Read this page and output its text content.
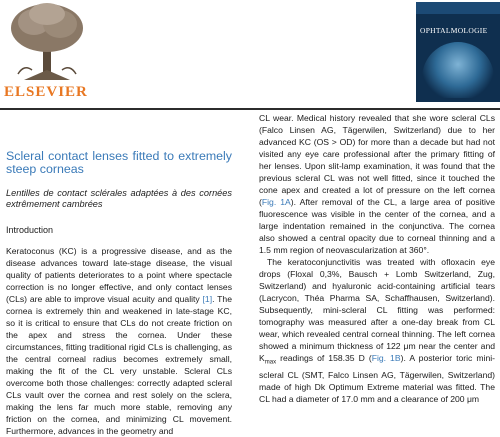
ELSEVIER
OPHTALMOLOGIE
Scleral contact lenses fitted to extremely steep corneas
Lentilles de contact sclérales adaptées à des cornées extrêmement cambrées
Introduction

Keratoconus (KC) is a progressive disease, and as the disease advances toward late-stage disease, the visual quality of patients deteriorates to a point where spectacle correction is no longer effective, and only contact lenses (CLs) are able to improve visual acuity and quality [1]. The cornea is extremely thin and weakened in late-stage KC, so it is critical to ensure that CLs do not create friction on the apex and stress the cornea. Under these circumstances, fitting traditional rigid CLs is challenging, as the central corneal radius becomes extremely small, making the fit of the CL very unstable. Scleral CLs overcome both those challenges: correctly adapted scleral CLs vault over the cornea and rest solely on the sclera, making the lens far much more stable, removing any friction on the cornea, and minimizing CL movement. Furthermore, advances in the geometry and

CL wear. Medical history revealed that she wore scleral CLs (Falco Linsen AG, Tägerwilen, Switzerland) due to her advanced KC (OS > OD) for more than a decade but had not visited any eye care professional after the primary fitting of her lenses. Upon slit-lamp examination, it was found that the previous scleral CL was not well fitted, since it touched the cone apex and created a lot of pressure on the left cornea (Fig. 1A). After removal of the CL, a large area of positive fluorescence was visible in the center of the cornea, and a large indentation remained in the conjunctiva. The cornea also showed a central opacity due to corneal thinning and a 1.5 mm region of neovascularization at 360°.

The keratoconjunctivitis was treated with ofloxacin eye drops (Floxal 0,3%, Bausch + Lomb Switzerland, Zug, Switzerland) and hyaluronic acid-containing artificial tears (Lacrycon, Théa Pharma SA, Schaffhausen, Switzerland). Subsequently, mini-scleral CL fitting was performed: tomography was measured after a one-day break from CL wear, which revealed central corneal thinning. The left cornea showed a minimum thickness of 122 μm near the center and $K_{max}$ readings of 158.35 D (Fig. 1B). A posterior toric mini-scleral CL (SMT, Falco Linsen AG, Tägerwilen, Switzerland) made of high Dk Optimum Extreme material was fitted. The CL had a diameter of 17.0 mm and a clearance of 200 μm
